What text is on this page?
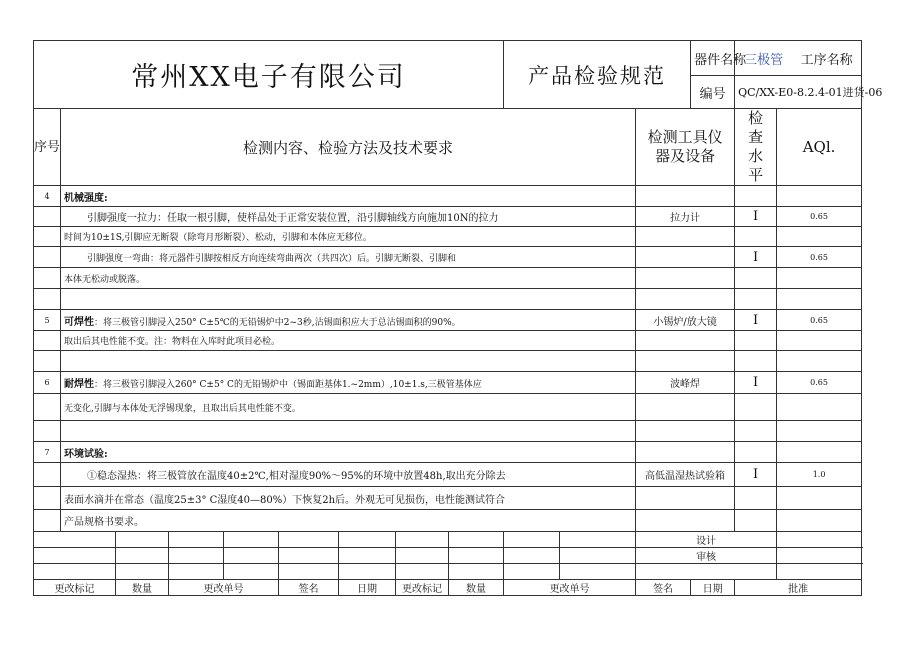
常州XX电子有限公司									产品检验规范			器件名称	三极管 工序名称

												编号	QC/XX-E0-8.2.4-01进货-06	
序号	检测内容、检验方法及技术要求										检测工具仪器及设备		检查水平	AQl.	
4	机械强度:														
	引脚强度一拉力：任取一根引脚，使样品处于正常安装位置，沿引脚轴线方向施加10N的拉力										拉力计		I	0.65	
	时间为10±1S,引脚应无断裂（除弯月形断裂）、松动，引脚和本体应无移位。														
	引脚强度一弯曲：将元器件引脚按相反方向连续弯曲两次（共四次）后。引脚无断裂、引脚和												I	0.65	
	本体无松动或脱落。														

5	可焊性：将三极管引脚浸入250° C±5℃的无铅锡炉中2~3秒,沾锡面积应大于总沾锡面积的90%。										小锡炉/放大镜		I	0.65	
	取出后其电性能不变。注：物料在入库时此项目必检。														

6	耐焊性：将三极管引脚浸入260° C±5° C的无铅锡炉中（锡面距基体1.~2mm）,10±1.s,三极管基体应										波峰焊		I	0.65	
	无变化,引脚与本体处无浮锡现象，且取出后其电性能不变。														

7	环境试验:														
	①稳态湿热：将三极管放在温度40±2℃,相对湿度90%～95%的环境中放置48h,取出充分除去										高低温湿热试验箱		I	1.0	
	表面水滴并在常态（温度25±3° C湿度40—80%）下恢复2h后。外观无可见损伤，电性能测试符合														
	产品规格书要求。														
											设计				
											审核				

更改标记		数量	更改单号		签名	日期	更改标记	数量	更改单号		签名	日期	批准		
